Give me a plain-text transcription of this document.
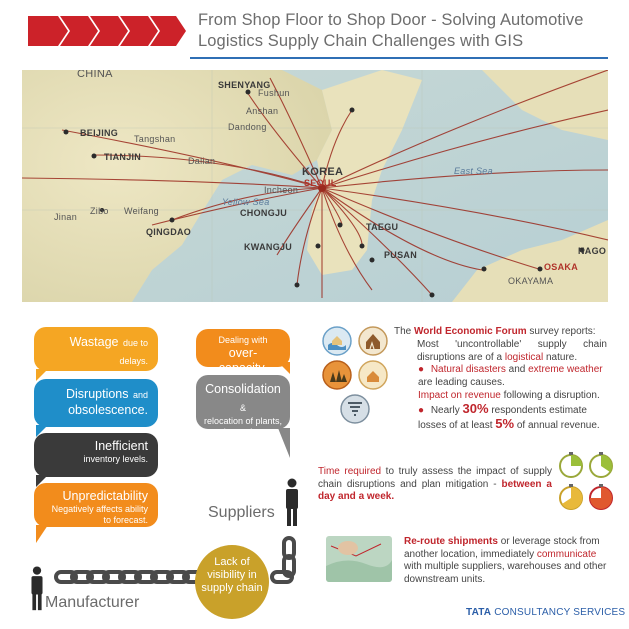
From Shop Floor to Shop Door - Solving Automotive Logistics Supply Chain Challenges with GIS
CHINA
SHENYANG
Fushun
Anshan
Dandong
BEIJING
Tangshan
TIANJIN	Dalian
KOREA
SEOUL
Incheon
Yellow Sea
East Sea
Zibo Weifang
Jinan
QINGDAO
CHONGJU
TAEGU
KWANGJU
PUSAN
OSAKA
OKAYAMA
NAGO
Wastage due to delays.
Disruptions and
obsolescence.
Inefficient
inventory levels.
Unpredictability
Negatively affects ability to forecast.
Dealing with
over-capacity.
Consolidation &
relocation of plants, impacting capacities, routes & costs.
Suppliers
Manufacturer
Lack of visibility in supply chain
The World Economic Forum survey reports:
Most 'uncontrollable' supply chain disruptions are of a logistical nature.
● Natural disasters and extreme weather are leading causes.
Impact on revenue following a disruption.
● Nearly 30% respondents estimate losses of at least 5% of annual revenue.
Time required to truly assess the impact of supply chain disruptions and plan mitigation - between a day and a week.
Re-route shipments or leverage stock from another location, immediately communicate with multiple suppliers, warehouses and other downstream units.
TATA CONSULTANCY SERVICES
